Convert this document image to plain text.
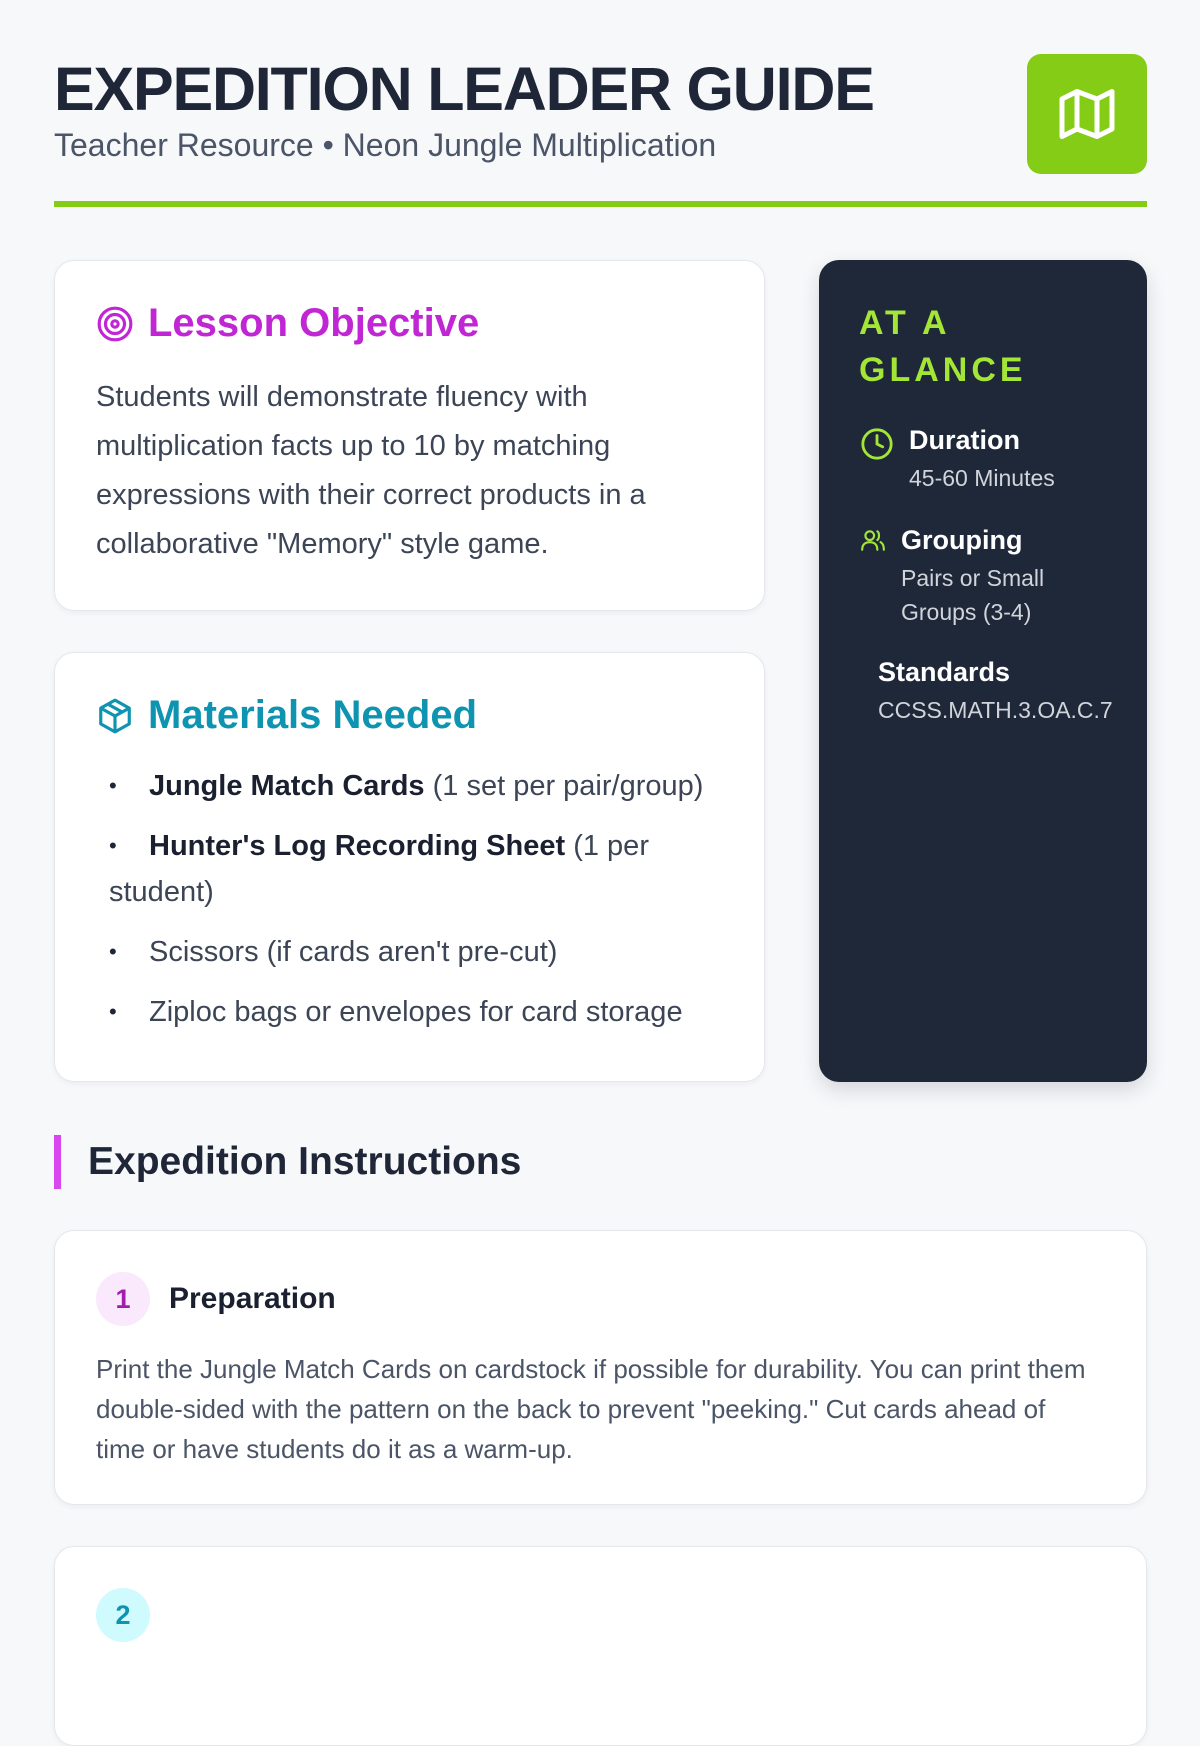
EXPEDITION LEADER GUIDE
Teacher Resource • Neon Jungle Multiplication
Lesson Objective

Students will demonstrate fluency with multiplication facts up to 10 by matching expressions with their correct products in a collaborative "Memory" style game.

Materials Needed
• Jungle Match Cards (1 set per pair/group)
• Hunter's Log Recording Sheet (1 per student)
• Scissors (if cards aren't pre-cut)
• Ziploc bags or envelopes for card storage
AT A GLANCE
Duration
45-60 Minutes
Grouping
Pairs or Small Groups (3-4)
Standards
CCSS.MATH.3.OA.C.7
Expedition Instructions
1	Preparation

Print the Jungle Match Cards on cardstock if possible for durability. You can print them double-sided with the pattern on the back to prevent "peeking." Cut cards ahead of time or have students do it as a warm-up.

2
